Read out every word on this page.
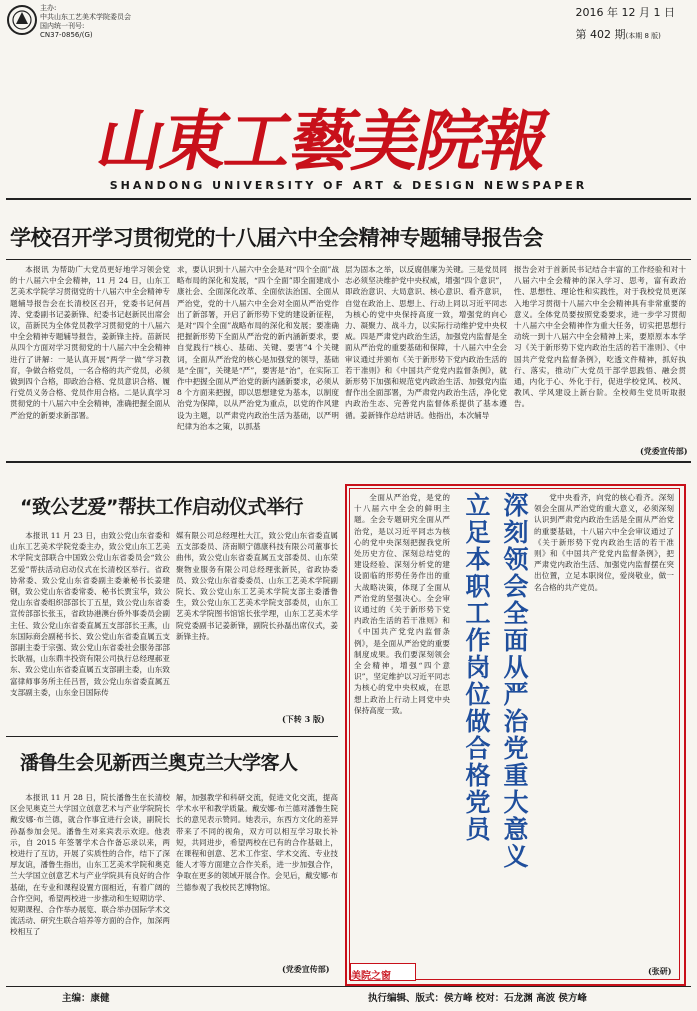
主办:
中共山东工艺美术学院委员会
国内统一刊号:
CN37-0856/(G)
2016 年 12 月 1 日
第 402 期(本期 8 版)
山東工藝美院報
SHANDONG UNIVERSITY OF ART & DESIGN NEWSPAPER
学校召开学习贯彻党的十八届六中全会精神专题辅导报告会

本报讯 为帮助广大党员更好地学习领会党的十八届六中全会精神，11 月 24 日，山东工艺美术学院学习贯彻党的十八届六中全会精神专题辅导报告会在长清校区召开，党委书记何昌涛、党委副书记姜新锋、纪委书记赵新民出席会议，苗新民为全体党员教学习贯彻党的十八届六中全会精神专题辅导报告，姜新锋主持。苗新民从四个方面对学习贯彻党的十八届六中全会精神进行了讲解：一是认真开展“两学一做”学习教育，争做合格党员，一名合格的共产党员，必须做到四个合格，即政治合格、党员意识合格、履行党员义务合格、党员作用合格。二是认真学习贯彻党的十八届六中全会精神，准确把握全面从严治党的新要求新部署。

求，要认识到十八届六中全会是对“四个全面”战略布局的深化和发展，“四个全面”即全面建成小康社会、全面深化改革、全面依法治国、全面从严治党，党的十八届六中全会对全面从严治党作出了新部署，开启了新形势下党的建设新征程，是对“四个全面”战略布局的深化和发展；要准确把握新形势下全面从严治党的新内涵新要求，要自觉践行“核心、基础、关键、要害”4 个关键词，全面从严治党的核心是加强党的领导，基础是“全面”，关键是“严”，要害是“治”，在实际工作中把握全面从严治党的新内涵新要求，必须从 8 个方面来把握，即以思想建党为基本，以制度治党为保障，以从严治党为重点，以党的作风建设为主题，以严肃党内政治生活为基础，以严明纪律为治本之策，以抓基

层为固本之举，以反腐倡廉为关键。三是党员同志必须坚决维护党中央权威，增强“四个意识”，即政治意识、大局意识、核心意识、看齐意识，自觉在政治上、思想上、行动上同以习近平同志为核心的党中央保持高度一致，增强党的向心力、凝聚力、战斗力，以实际行动维护党中央权威。四是严肃党内政治生活，加强党内监督是全面从严治党的重要基础和保障，十八届六中全会审议通过并颁布《关于新形势下党内政治生活的若干准则》和《中国共产党党内监督条例》，就新形势下加强和规范党内政治生活、加强党内监督作出全面部署，为严肃党内政治生活，净化党内政治生态、完善党内监督体系提供了基本遵循。姜新锋作总结讲话。他指出，本次辅导

报告会对于首新民书记结合丰富的工作经验和对十八届六中全会精神的深入学习、思考，富有政治性、思想性、理论性和实践性，对于我校党员更深入地学习贯彻十八届六中全会精神具有非常重要的意义。全体党员要按照党委要求，进一步学习贯彻十八届六中全会精神作为重大任务，切实把思想行动统一到十八届六中全会精神上来，要原原本本学习《关于新形势下党内政治生活的若干准则》、《中国共产党党内监督条例》，吃透文件精神，抓好执行、落实，推动广大党员干部学思践悟、融会贯通，内化于心、外化于行，促进学校党风、校风、教风、学风建设上新台阶。全校师生党员听取报告。

(党委宣传部)
“致公艺爱”帮扶工作启动仪式举行

本报讯 11 月 23 日，由致公党山东省委和山东工艺美术学院党委主办，致公党山东工艺美术学院支部联合中国致公党山东省委员会“致公艺爱”帮扶活动启动仪式在长清校区举行。省政协常委、致公党山东省委副主委兼秘书长姜建钢，致公党山东省委常委、秘书长贾宝华，致公党山东省委组织部部长丁五星，致公党山东省委宣传部部长张玉，省政协港澳台侨外事委员会副主任、致公党山东省委直属五支部部长王燕，山东国际商会副秘书长、致公党山东省委直属五支部副主委于宗强、致公党山东省委社会服务部部长耿福，山东鼎丰投资有限公司执行总经理郝亚东、致公党山东省委直属五支部副主委，山东致富律师事务所主任吕晋，致公党山东省委直属五支部副主委，山东金日国际传

媒有限公司总经理杜大江，致公党山东省委直属五支部委员、济南顺宁德康科技有限公司董事长曲伟，致公党山东省委直属五支部委员、山东荣聚物业服务有限公司总经理张新民，省政协委员、致公党山东省委委员、山东工艺美术学院副院长、致公党山东工艺美术学院支部主委潘鲁生，致公党山东工艺美术学院支部委员，山东工艺美术学院图书馆馆长张学理，山东工艺美术学院党委副书记姜新锋，副院长孙磊出席仪式，姜新锋主持。

(下转 3 版)
潘鲁生会见新西兰奥克兰大学客人

本报讯 11 月 28 日，院长潘鲁生在长清校区会见奥克兰大学国立创意艺术与产业学院院长戴安娜·布兰德，就合作事宜进行会谈，副院长孙磊参加会见。潘鲁生对来宾表示欢迎。他表示，自 2015 年签署学术合作备忘录以来，两校进行了互访，开展了实质性的合作，结下了深厚友谊，潘鲁生指出，山东工艺美术学院和奥克兰大学国立创意艺术与产业学院具有良好的合作基础，在专业和课程设置方面相近，有着广阔的合作空间，希望两校进一步推动和生短期访学、短期课程、合作举办展览、联合举办国际学术交流活动、研究生联合培养等方面的合作，加深两校相互了

解，加强教学和科研交流，促进文化交流，提高学术水平和教学质量。戴安娜·布兰德对潘鲁生院长的意见表示赞同。她表示，东西方文化的差异带来了不同的视角，双方可以相互学习取长补短，共同进步，希望两校在已有的合作基础上，在课程和创意、艺术工作室、学术交流、专业技能人才等方面建立合作关系，进一步加强合作，争取在更多的领域开展合作。会见后，戴安娜·布兰德参观了我校民艺博物馆。

(党委宣传部)

全面从严治党，是党的十八届六中全会的鲜明主题。全会专题研究全面从严治党，是以习近平同志为核心的党中央深刻把握我党所处历史方位、深刻总结党的建设经验、深刻分析党的建设面临的形势任务作出的重大战略决策，体现了全面从严治党的坚强决心。全会审议通过的《关于新形势下党内政治生活的若干准则》和《中国共产党党内监督条例》，是全面从严治党的重要制度成果。我们要深刻领会全会精神，增强“四个意识”，坚定维护以习近平同志为核心的党中央权威，在思想上政治上行动上同党中央保持高度一致。	立足本职工作岗位做合格党员 深刻领会全面从严治党重大意义	党中央看齐，向党的核心看齐。深刻领会全面从严治党的重大意义，必须深刻认识到严肃党内政治生活是全面从严治党的重要基础，十八届六中全会审议通过了《关于新形势下党内政治生活的若干准则》和《中国共产党党内监督条例》，把严肃党内政治生活、加强党内监督摆在突出位置，立足本职岗位，爱岗敬业，做一名合格的共产党员。

美院之窗	(张研)
主编：康健	执行编辑、版式：侯方峰 校对：石龙渊 高波 侯方峰
